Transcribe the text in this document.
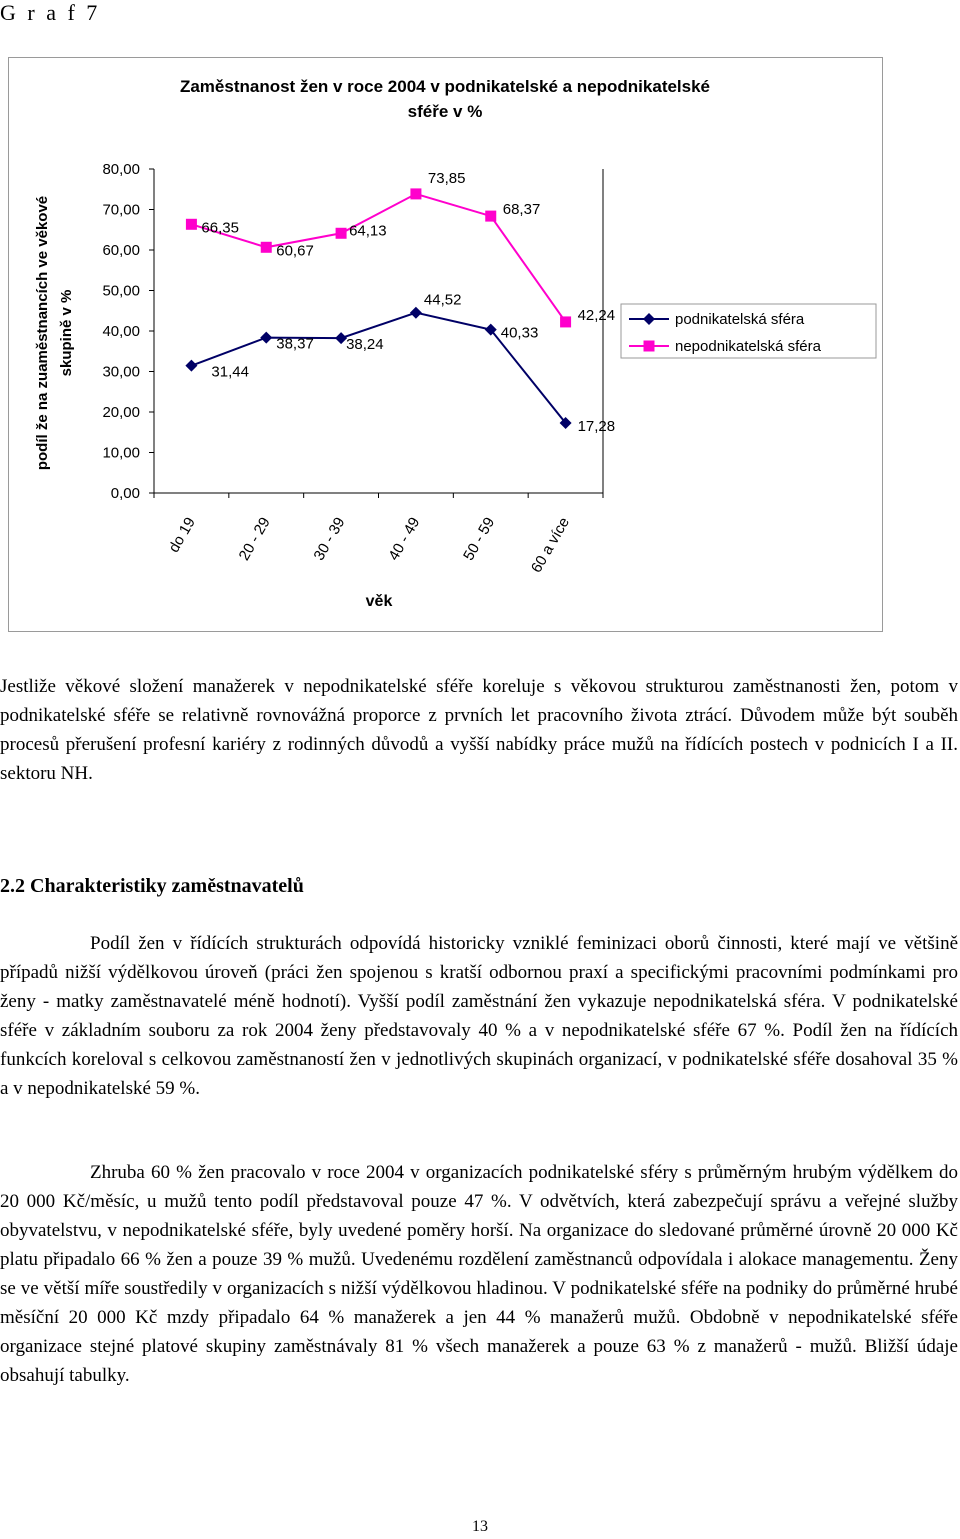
G r a f 7
Zaměstnanost žen v roce 2004 v podnikatelské a nepodnikatelské
sféře v %
podíl že na zuaměstnancích ve věkové skupině v %
věk
0,00
10,00
20,00
30,00
40,00
50,00
60,00
70,00
80,00
do 19 20 - 29 30 - 39 40 - 49 50 - 59 60 a více
31,44
38,37 38,24
44,52
40,33
17,28
66,35
60,67
64,13
73,85
68,37
42,24	podnikatelská sféra
nepodnikatelská sféra

Jestliže věkové složení manažerek v nepodnikatelské sféře koreluje s věkovou strukturou zaměstnanosti žen, potom v podnikatelské sféře se relativně rovnovážná proporce z prvních let pracovního života ztrácí. Důvodem může být souběh procesů přerušení profesní kariéry z rodinných důvodů a vyšší nabídky práce mužů na řídících postech v podnicích I a II. sektoru NH.

2.2 Charakteristiky zaměstnavatelů

Podíl žen v řídících strukturách odpovídá historicky vzniklé feminizaci oborů činnosti, které mají ve většině případů nižší výdělkovou úroveň (práci žen spojenou s kratší odbornou praxí a specifickými pracovními podmínkami pro ženy - matky zaměstnavatelé méně hodnotí). Vyšší podíl zaměstnání žen vykazuje nepodnikatelská sféra. V podnikatelské sféře v základním souboru za rok 2004 ženy představovaly 40 % a v nepodnikatelské sféře 67 %. Podíl žen na řídících funkcích koreloval s celkovou zaměstnaností žen v jednotlivých skupinách organizací, v podnikatelské sféře dosahoval 35 % a v nepodnikatelské 59 %.

Zhruba 60 % žen pracovalo v roce 2004 v organizacích podnikatelské sféry s průměrným hrubým výdělkem do 20 000 Kč/měsíc, u mužů tento podíl představoval pouze 47 %. V odvětvích, která zabezpečují správu a veřejné služby obyvatelstvu, v nepodnikatelské sféře, byly uvedené poměry horší. Na organizace do sledované průměrné úrovně 20 000 Kč platu připadalo 66 % žen a pouze 39 % mužů. Uvedenému rozdělení zaměstnanců odpovídala i alokace managementu. Ženy se ve větší míře soustředily v organizacích s nižší výdělkovou hladinou. V podnikatelské sféře na podniky do průměrné hrubé měsíční 20 000 Kč mzdy připadalo 64 % manažerek a jen 44 % manažerů mužů. Obdobně v nepodnikatelské sféře organizace stejné platové skupiny zaměstnávaly 81 % všech manažerek a pouze 63 % z manažerů - mužů. Bližší údaje obsahují tabulky.

13
